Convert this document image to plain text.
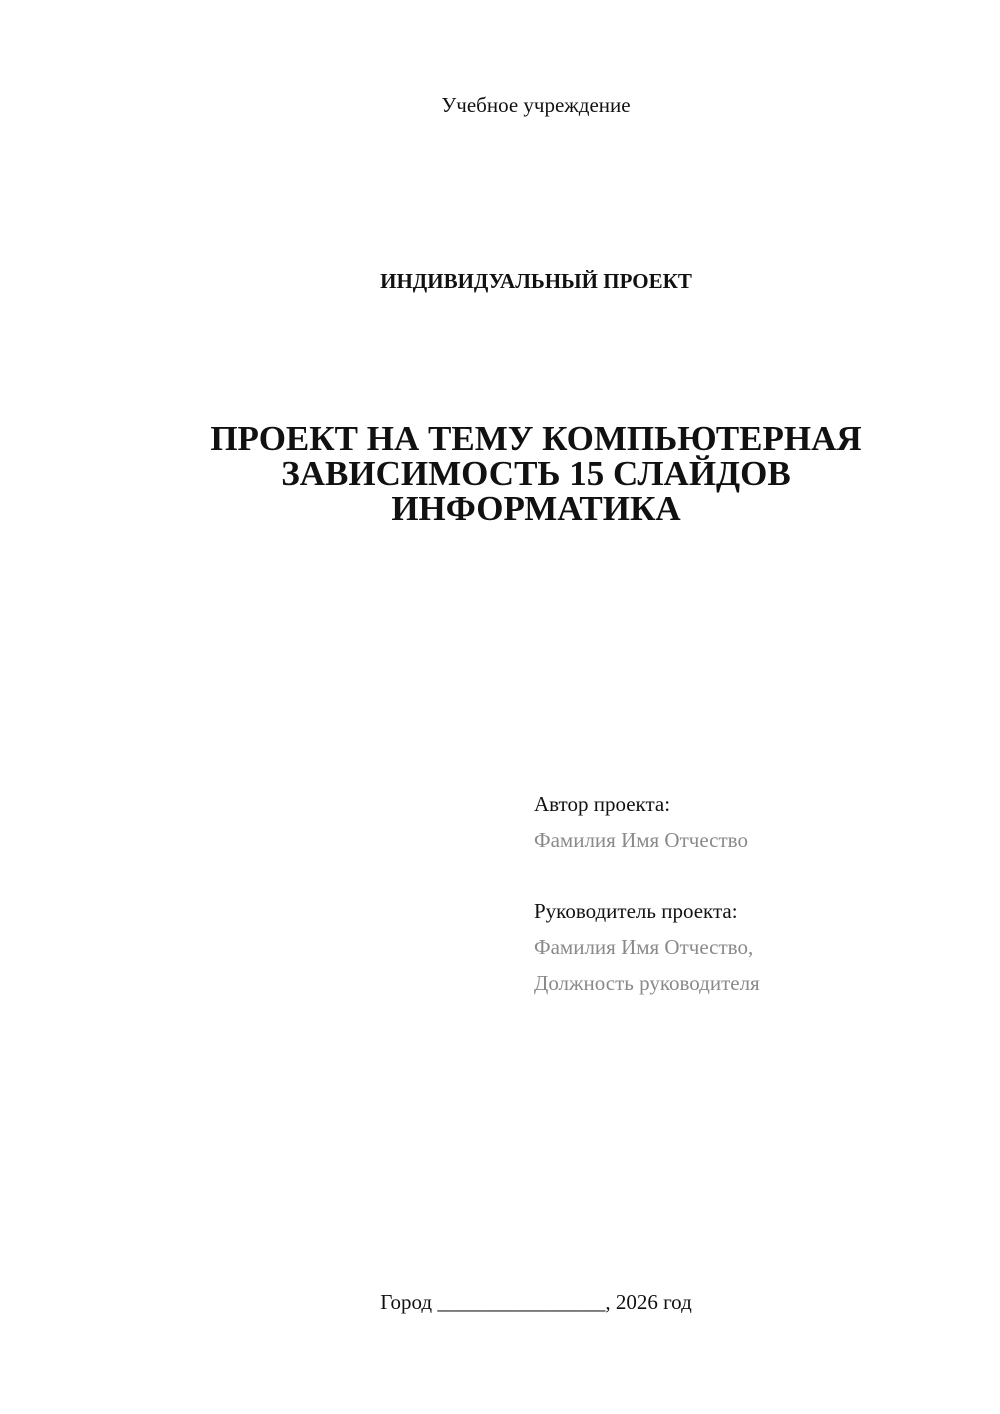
Учебное учреждение
ИНДИВИДУАЛЬНЫЙ ПРОЕКТ
ПРОЕКТ НА ТЕМУ КОМПЬЮТЕРНАЯ
ЗАВИСИМОСТЬ 15 СЛАЙДОВ
ИНФОРМАТИКА
Автор проекта:
Фамилия Имя Отчество
Руководитель проекта:
Фамилия Имя Отчество,
Должность руководителя
Город ________________, 2026 год
